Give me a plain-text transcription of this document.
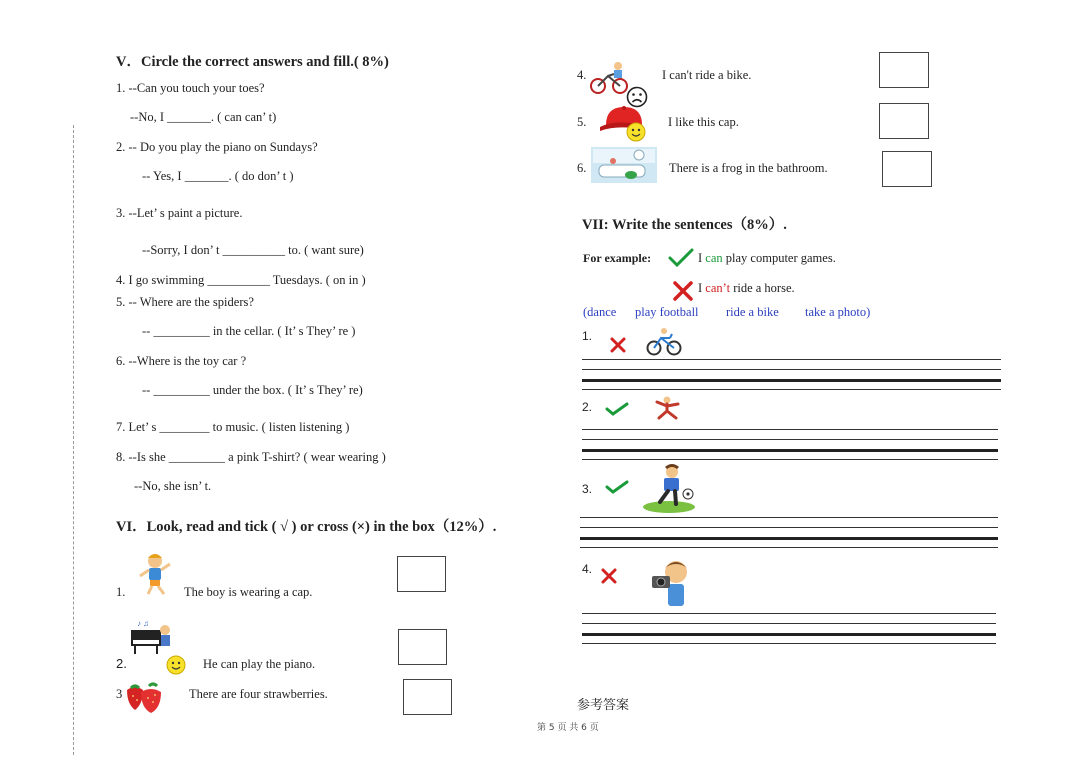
V．Circle the correct answers and fill.( 8%)
1. --Can you touch your toes?
--No, I _______. ( can can’ t)
2. -- Do you play the piano on Sundays?
-- Yes, I _______. ( do don’ t )
3. --Let’ s paint a picture.
--Sorry, I don’ t __________ to. ( want sure)
4. I go swimming __________ Tuesdays. ( on in )
5. -- Where are the spiders?
-- _________ in the cellar. ( It’ s They’ re )
6. --Where is the toy car ?
-- _________ under the box. ( It’ s They’ re)
7. Let’ s ________ to music. ( listen listening )
8. --Is she _________ a pink T-shirt? ( wear wearing )
--No, she isn’ t.
VI．Look, read and tick ( √ ) or cross (×) in the box（12%）.
1.	The boy is wearing a cap.
♪ ♫
2.	He can play the piano.
3	There are four strawberries.
4.	I can't ride a bike.
5.	I like this cap.
6.	There is a frog in the bathroom.
VII: Write the sentences（8%）.
For example:	I can play computer games.
I can’t ride a horse.
(dance play football ride a bike take a photo)
1.
2.
3.
4.
参考答案
第 5 页 共 6 页
